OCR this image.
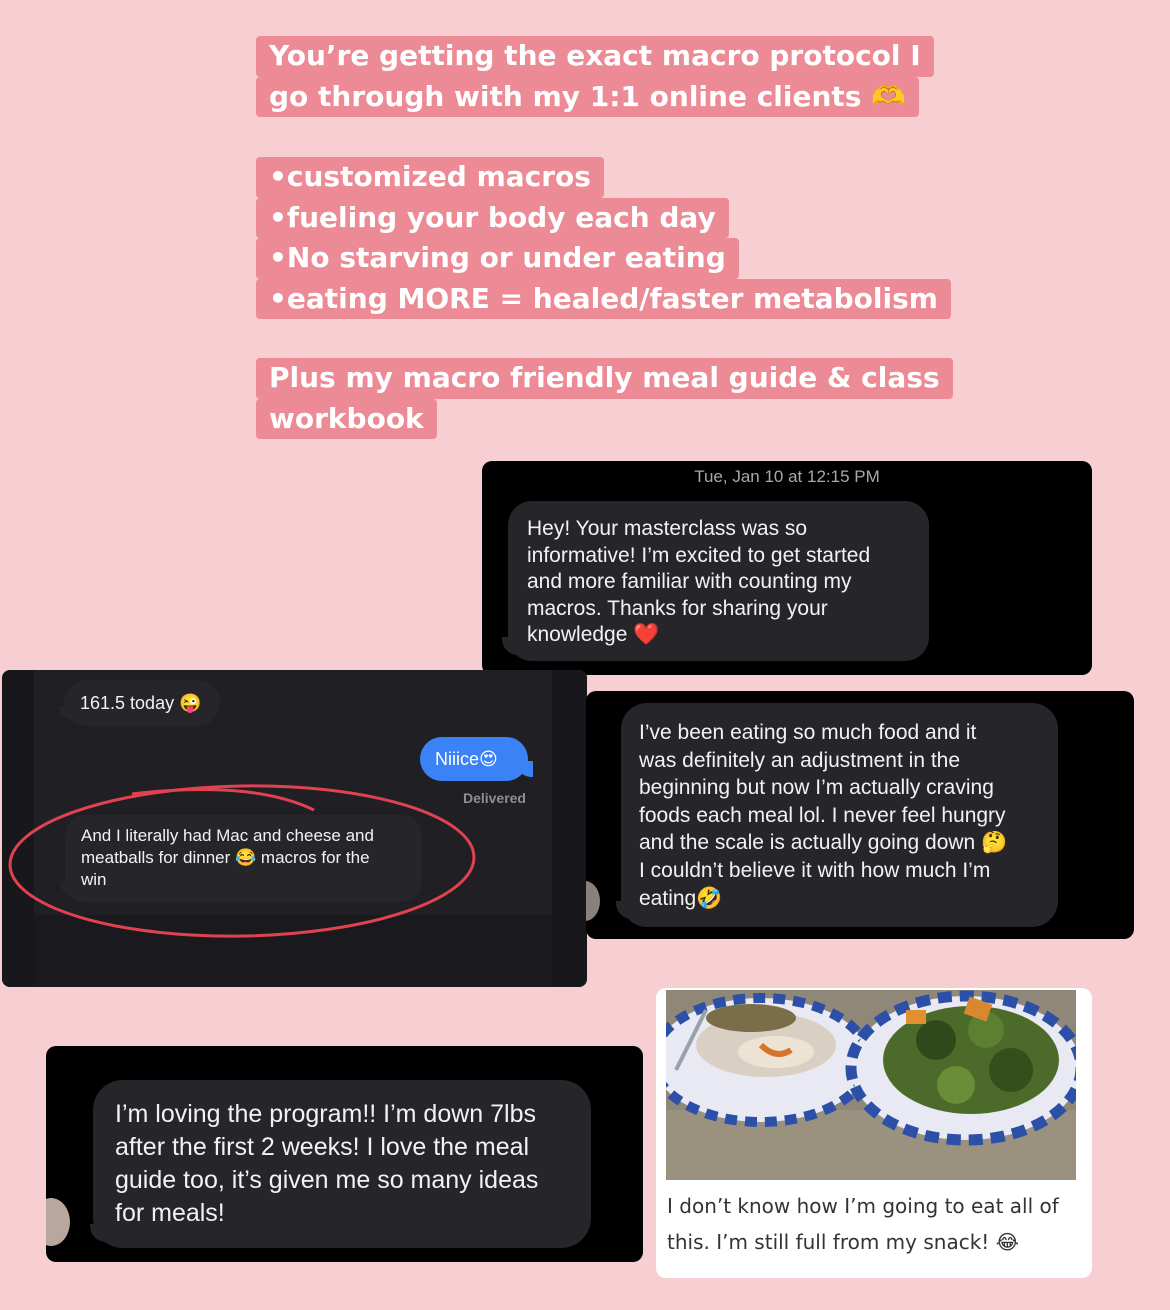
You’re getting the exact macro protocol I
go through with my 1:1 online clients 🫶
•customized macros
•fueling your body each day
•No starving or under eating
•eating MORE = healed/faster metabolism
Plus my macro friendly meal guide & class
workbook
Tue, Jan 10 at 12:15 PM
Hey! Your masterclass was so
informative! I’m excited to get started
and more familiar with counting my
macros. Thanks for sharing your
knowledge ❤️
161.5 today 😜
Niiice😍
Delivered
And I literally had Mac and cheese and
meatballs for dinner 😂 macros for the
win
I’ve been eating so much food and it
was definitely an adjustment in the
beginning but now I’m actually craving
foods each meal lol. I never feel hungry
and the scale is actually going down 🤔
I couldn’t believe it with how much I’m
eating🤣
I’m loving the program!! I’m down 7lbs
after the first 2 weeks! I love the meal
guide too, it’s given me so many ideas
for meals!	I don’t know how I’m going to eat all of
this. I’m still full from my snack! 😂
